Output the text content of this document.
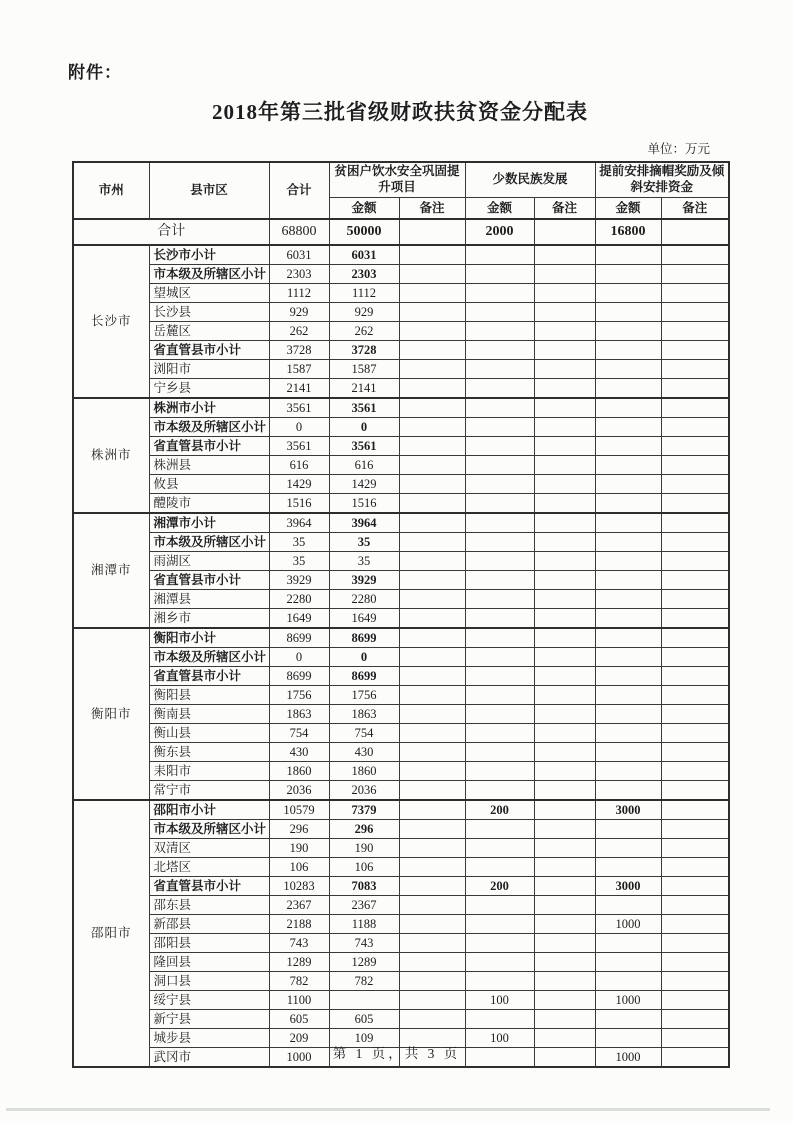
附件：
2018年第三批省级财政扶贫资金分配表
单位：万元
市州	县市区	合计	贫困户饮水安全巩固提升项目		少数民族发展		提前安排摘帽奖励及倾斜安排资金	
			金额	备注	金额	备注	金额	备注
合计		68800	50000		2000		16800	
长沙市	长沙市小计	6031	6031					
	市本级及所辖区小计	2303	2303					
	望城区	1112	1112					
	长沙县	929	929					
	岳麓区	262	262					
	省直管县市小计	3728	3728					
	浏阳市	1587	1587					
	宁乡县	2141	2141					
株洲市	株洲市小计	3561	3561					
	市本级及所辖区小计	0	0					
	省直管县市小计	3561	3561					
	株洲县	616	616					
	攸县	1429	1429					
	醴陵市	1516	1516					
湘潭市	湘潭市小计	3964	3964					
	市本级及所辖区小计	35	35					
	雨湖区	35	35					
	省直管县市小计	3929	3929					
	湘潭县	2280	2280					
	湘乡市	1649	1649					
衡阳市	衡阳市小计	8699	8699					
	市本级及所辖区小计	0	0					
	省直管县市小计	8699	8699					
	衡阳县	1756	1756					
	衡南县	1863	1863					
	衡山县	754	754					
	衡东县	430	430					
	耒阳市	1860	1860					
	常宁市	2036	2036					
邵阳市	邵阳市小计	10579	7379		200		3000	
	市本级及所辖区小计	296	296					
	双清区	190	190					
	北塔区	106	106					
	省直管县市小计	10283	7083		200		3000	
	邵东县	2367	2367					
	新邵县	2188	1188				1000	
	邵阳县	743	743					
	隆回县	1289	1289					
	洞口县	782	782					
	绥宁县	1100			100		1000	
	新宁县	605	605					
	城步县	209	109		100			
	武冈市	1000					1000	
第 1 页，共 3 页
